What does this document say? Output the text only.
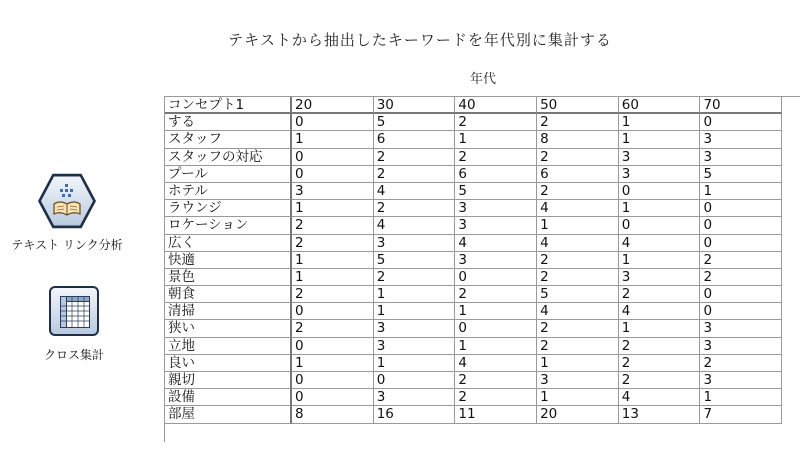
テキストから抽出したキーワードを年代別に集計する
年代
テキスト リンク分析
クロス集計
コンセプト1	20	30	40	50	60	70
する	0	5	2	2	1	0
スタッフ	1	6	1	8	1	3
スタッフの対応	0	2	2	2	3	3
プール	0	2	6	6	3	5
ホテル	3	4	5	2	0	1
ラウンジ	1	2	3	4	1	0
ロケーション	2	4	3	1	0	0
広く	2	3	4	4	4	0
快適	1	5	3	2	1	2
景色	1	2	0	2	3	2
朝食	2	1	2	5	2	0
清掃	0	1	1	4	4	0
狭い	2	3	0	2	1	3
立地	0	3	1	2	2	3
良い	1	1	4	1	2	2
親切	0	0	2	3	2	3
設備	0	3	2	1	4	1
部屋	8	16	11	20	13	7
